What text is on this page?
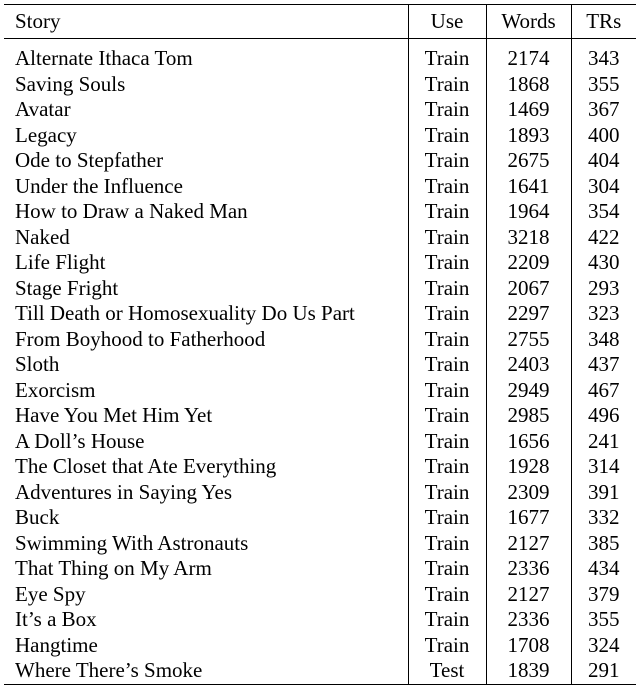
Story	Use	Words	TRs

Alternate Ithaca Tom	Train	2174	343
Saving Souls	Train	1868	355
Avatar	Train	1469	367
Legacy	Train	1893	400
Ode to Stepfather	Train	2675	404
Under the Influence	Train	1641	304
How to Draw a Naked Man	Train	1964	354
Naked	Train	3218	422
Life Flight	Train	2209	430
Stage Fright	Train	2067	293
Till Death or Homosexuality Do Us Part	Train	2297	323
From Boyhood to Fatherhood	Train	2755	348
Sloth	Train	2403	437
Exorcism	Train	2949	467
Have You Met Him Yet	Train	2985	496
A Doll’s House	Train	1656	241
The Closet that Ate Everything	Train	1928	314
Adventures in Saying Yes	Train	2309	391
Buck	Train	1677	332
Swimming With Astronauts	Train	2127	385
That Thing on My Arm	Train	2336	434
Eye Spy	Train	2127	379
It’s a Box	Train	2336	355
Hangtime	Train	1708	324
Where There’s Smoke	Test	1839	291
